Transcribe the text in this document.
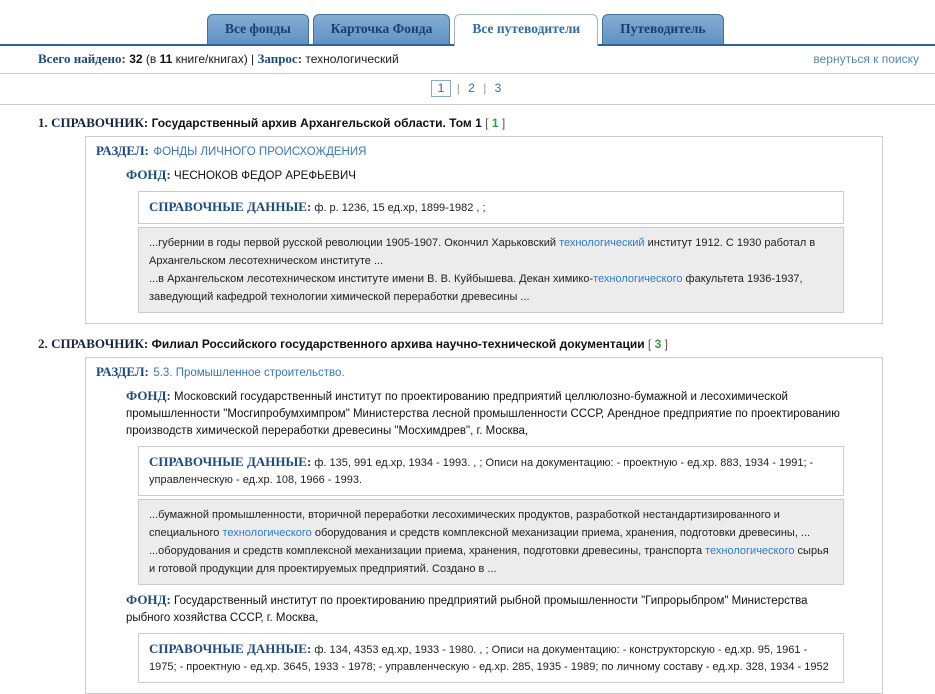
Все фонды	Карточка Фонда	Все путеводители	Путеводитель
Всего найдено: 32 (в 11 книге/книгах) | Запрос: технологический	вернуться к поиску
1 | 2 | 3
1. СПРАВОЧНИК: Государственный архив Архангельской области. Том 1 [ 1 ]
РАЗДЕЛ: ФОНДЫ ЛИЧНОГО ПРОИСХОЖДЕНИЯ
ФОНД: ЧЕСНОКОВ ФЕДОР АРЕФЬЕВИЧ
СПРАВОЧНЫЕ ДАННЫЕ: ф. р. 1236, 15 ед.хр, 1899-1982 , ;

...губернии в годы первой русской революции 1905-1907. Окончил Харьковский технологический институт 1912. С 1930 работал в Архангельском лесотехническом институте ...

...в Архангельском лесотехническом институте имени В. В. Куйбышева. Декан химико-технологического факультета 1936-1937, заведующий кафедрой технологии химической переработки древесины ...

2. СПРАВОЧНИК: Филиал Российского государственного архива научно-технической документации [ 3 ]
РАЗДЕЛ: 5.3. Промышленное строительство.
ФОНД: Московский государственный институт по проектированию предприятий целлюлозно-бумажной и лесохимической промышленности "Мосгипробумхимпром" Министерства лесной промышленности СССР, Арендное предприятие по проектированию производств химической переработки древесины "Мосхимдрев", г. Москва,
СПРАВОЧНЫЕ ДАННЫЕ: ф. 135, 991 ед.хр, 1934 - 1993. , ; Описи на документацию: - проектную - ед.хр. 883, 1934 - 1991; - управленческую - ед.хр. 108, 1966 - 1993.

...бумажной промышленности, вторичной переработки лесохимических продуктов, разработкой нестандартизированного и специального технологического оборудования и средств комплексной механизации приема, хранения, подготовки древесины, ...

...оборудования и средств комплексной механизации приема, хранения, подготовки древесины, транспорта технологического сырья и готовой продукции для проектируемых предприятий. Создано в ...

ФОНД: Государственный институт по проектированию предприятий рыбной промышленности "Гипрорыбпром" Министерства рыбного хозяйства СССР, г. Москва,
СПРАВОЧНЫЕ ДАННЫЕ: ф. 134, 4353 ед.хр, 1933 - 1980. , ; Описи на документацию: - конструкторскую - ед.хр. 95, 1961 - 1975; - проектную - ед.хр. 3645, 1933 - 1978; - управленческую - ед.хр. 285, 1935 - 1989; по личному составу - ед.хр. 328, 1934 - 1952
